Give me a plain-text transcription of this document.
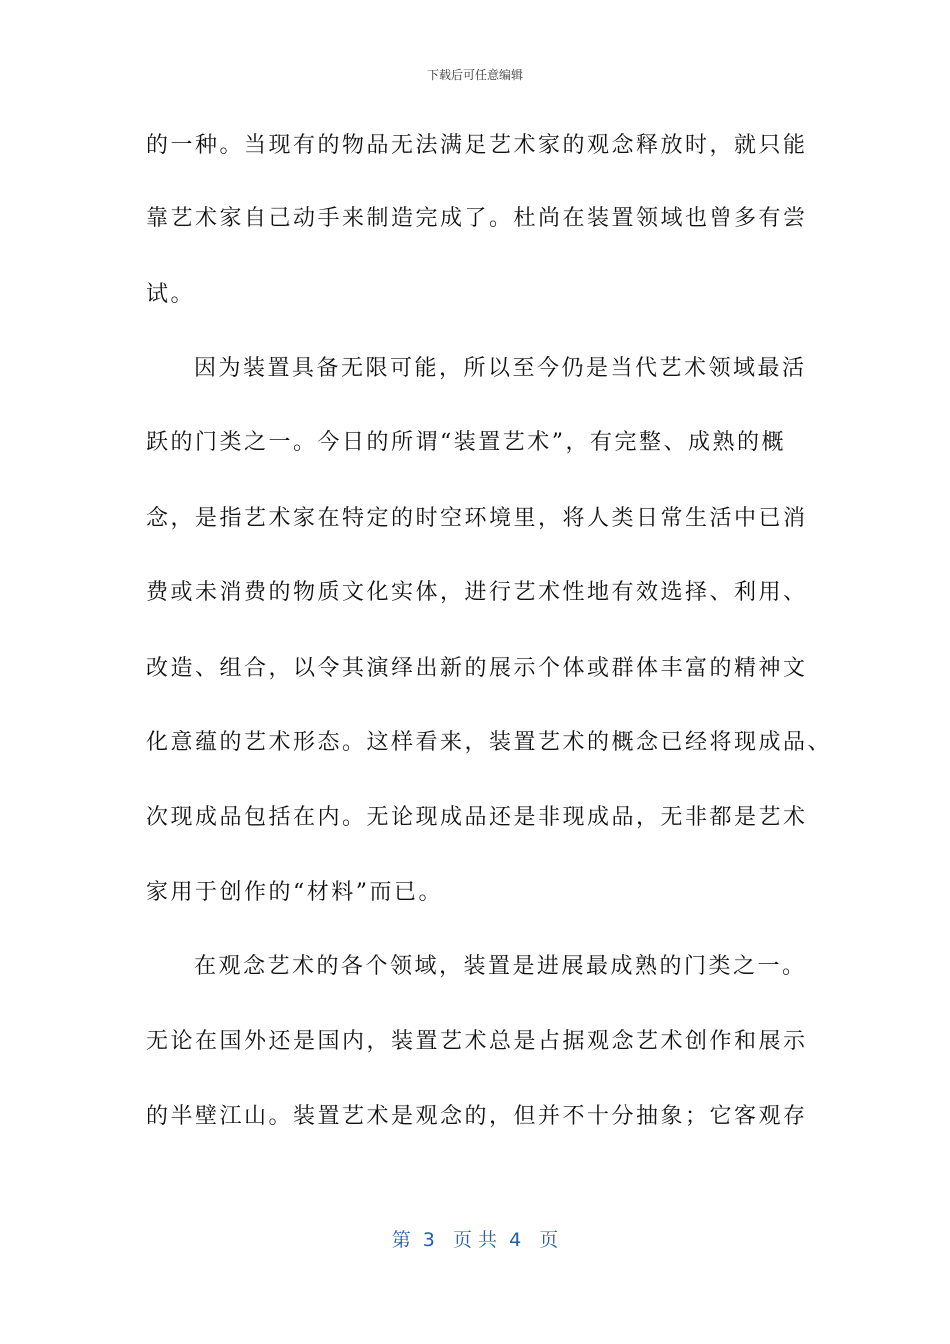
下载后可任意编辑
的一种。当现有的物品无法满足艺术家的观念释放时，就只能
靠艺术家自己动手来制造完成了。杜尚在装置领域也曾多有尝
试。
因为装置具备无限可能，所以至今仍是当代艺术领域最活
跃的门类之一。今日的所谓“装置艺术”，有完整、成熟的概
念，是指艺术家在特定的时空环境里，将人类日常生活中已消
费或未消费的物质文化实体，进行艺术性地有效选择、利用、
改造、组合，以令其演绎出新的展示个体或群体丰富的精神文
化意蕴的艺术形态。这样看来，装置艺术的概念已经将现成品、
次现成品包括在内。无论现成品还是非现成品，无非都是艺术
家用于创作的“材料”而已。
在观念艺术的各个领域，装置是进展最成熟的门类之一。
无论在国外还是国内，装置艺术总是占据观念艺术创作和展示
的半壁江山。装置艺术是观念的，但并不十分抽象；它客观存
第  3   页 共  4   页
